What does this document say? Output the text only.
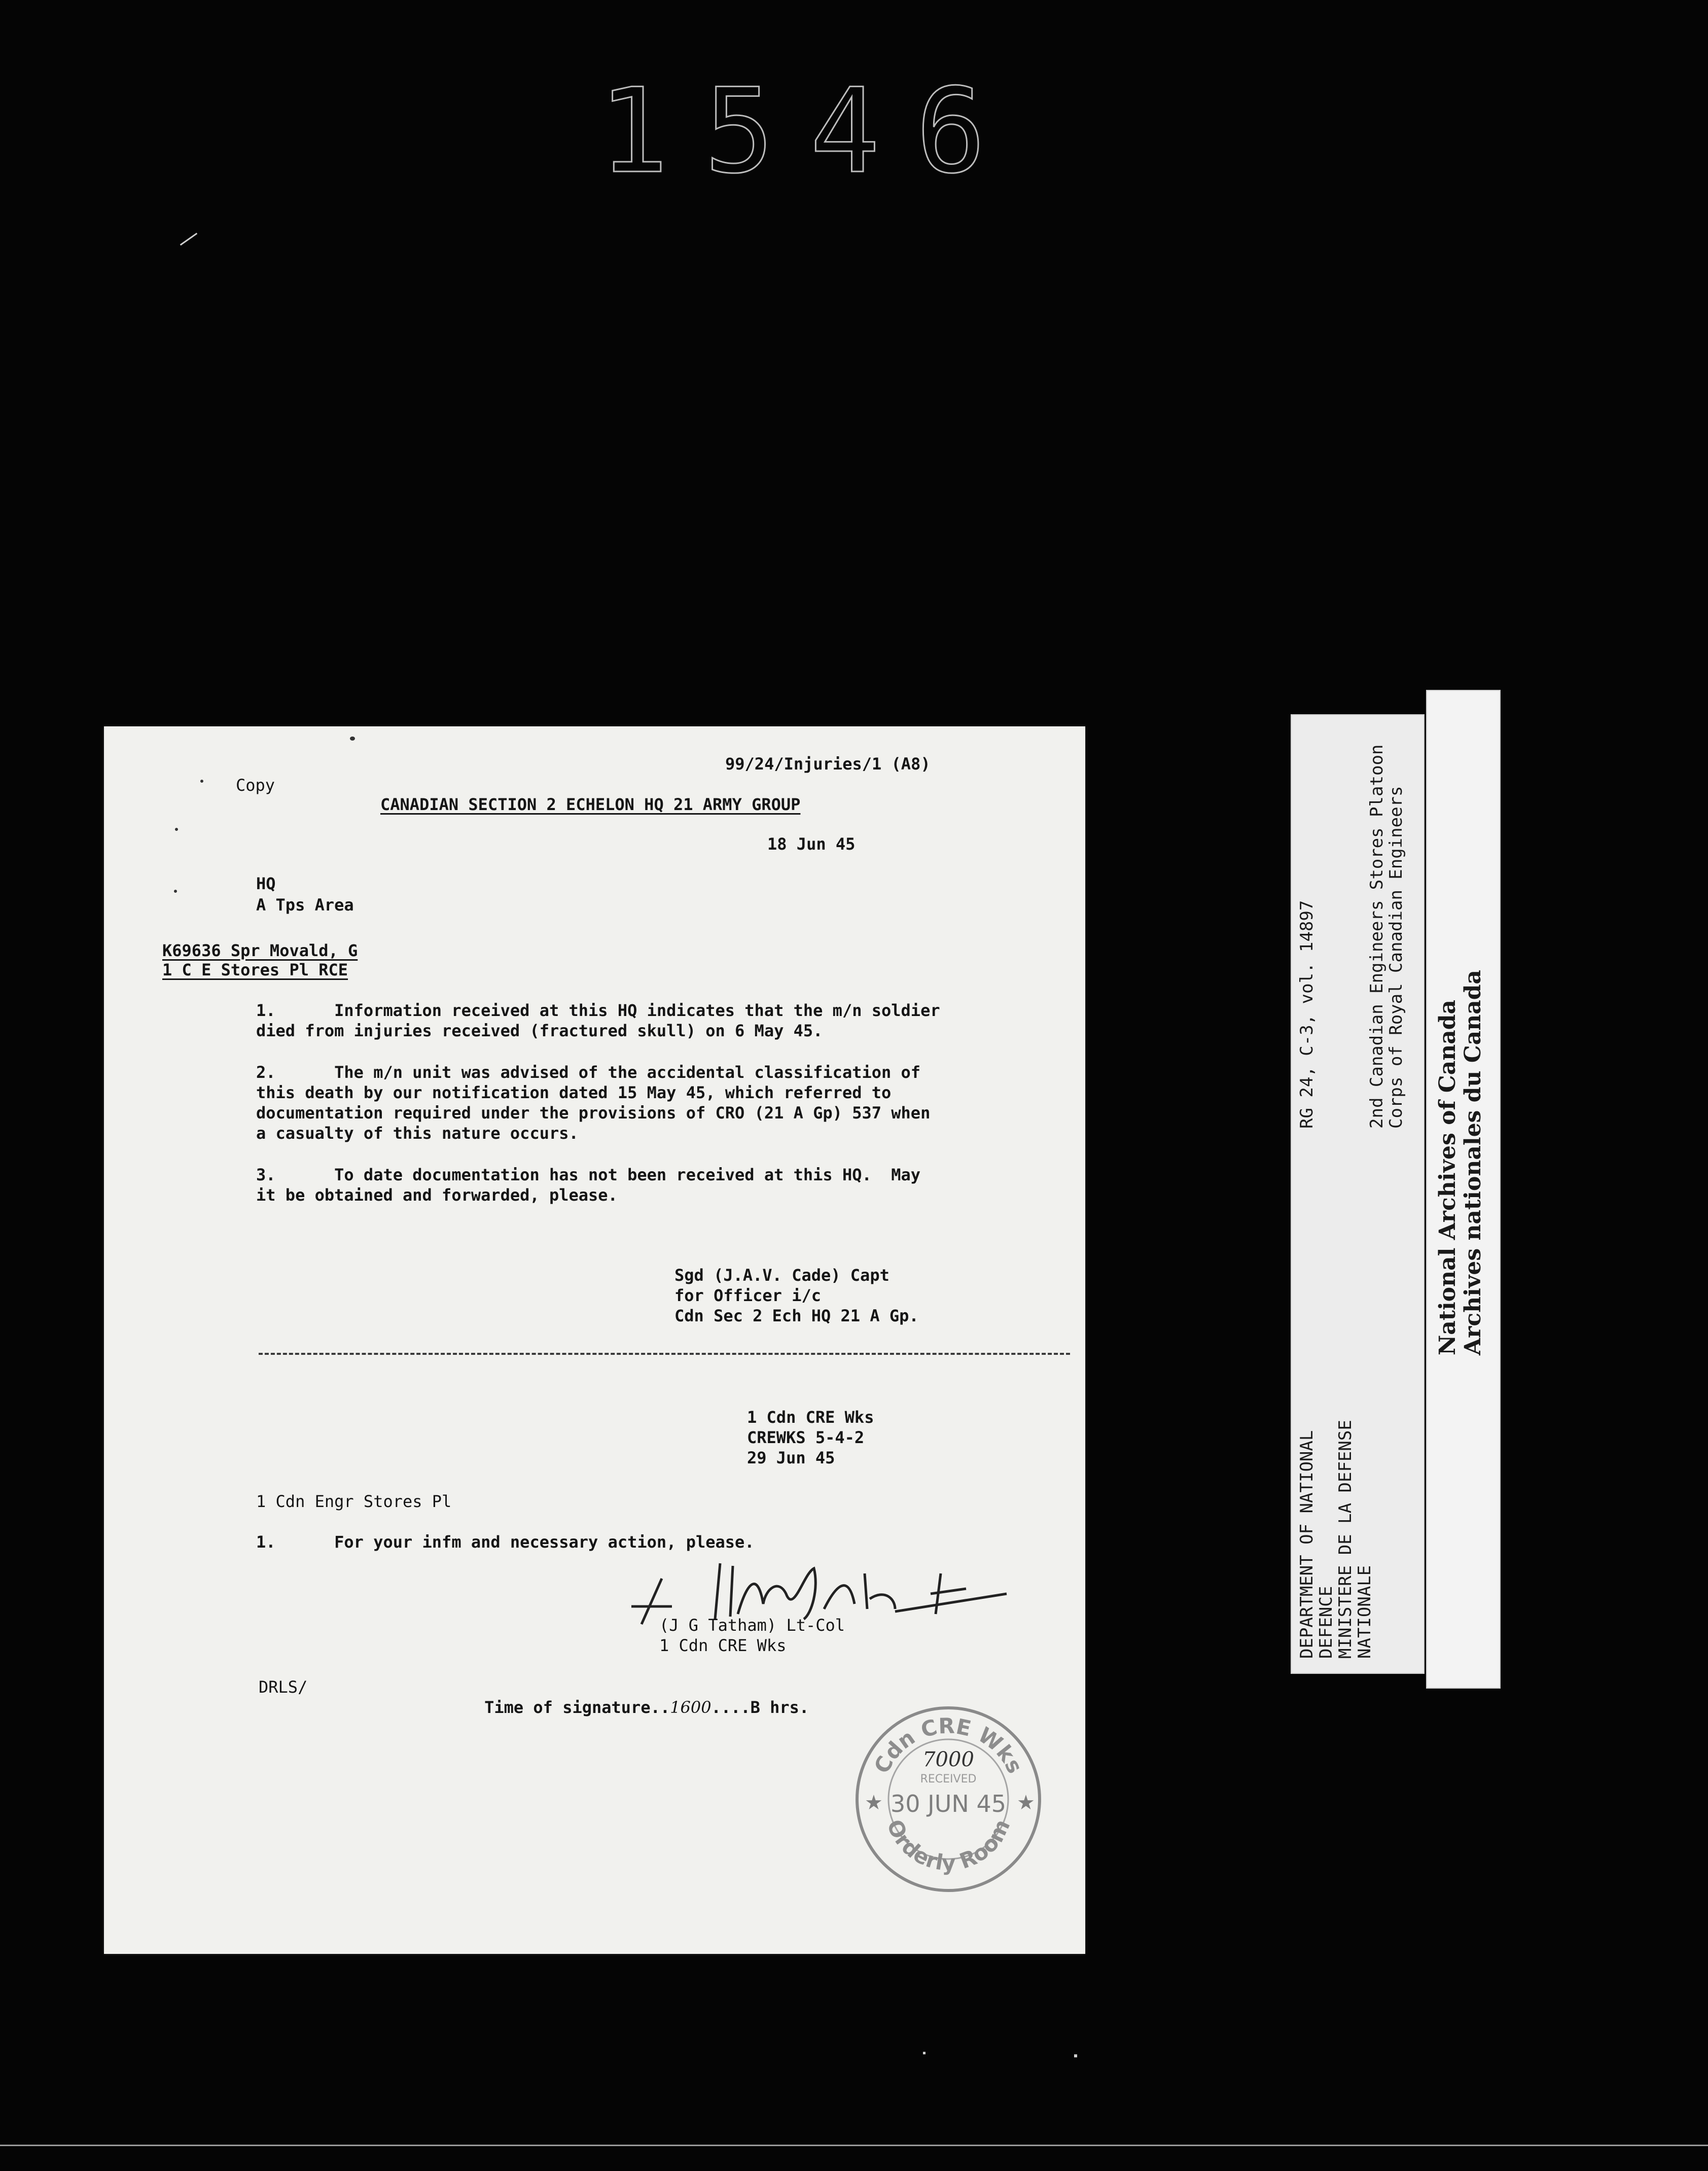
1546
Copy
99/24/Injuries/1 (A8)
CANADIAN SECTION 2 ECHELON HQ 21 ARMY GROUP
18 Jun 45
HQ
A Tps Area
K69636 Spr Movald, G
1 C E Stores Pl RCE
1.      Information received at this HQ indicates that the m/n soldier
died from injuries received (fractured skull) on 6 May 45.
2.      The m/n unit was advised of the accidental classification of
this death by our notification dated 15 May 45, which referred to
documentation required under the provisions of CRO (21 A Gp) 537 when
a casualty of this nature occurs.
3.      To date documentation has not been received at this HQ.  May
it be obtained and forwarded, please.
Sgd (J.A.V. Cade) Capt
for Officer i/c
Cdn Sec 2 Ech HQ 21 A Gp.
1 Cdn CRE Wks
CREWKS 5-4-2
29 Jun 45
1 Cdn Engr Stores Pl
1.      For your infm and necessary action, please.
(J G Tatham) Lt-Col
1 Cdn CRE Wks
DRLS/

Time of signature..1600....B hrs.

Cdn CRE Wks
Orderly Room
7000
RECEIVED
30 JUN 45
★	★
DEPARTMENT OF NATIONAL
DEFENCE
MINISTERE DE LA DEFENSE
NATIONALE
RG 24, C-3, vol. 14897	2nd Canadian Engineers Stores Platoon
Corps of Royal Canadian Engineers
National Archives of Canada Archives nationales du Canada
